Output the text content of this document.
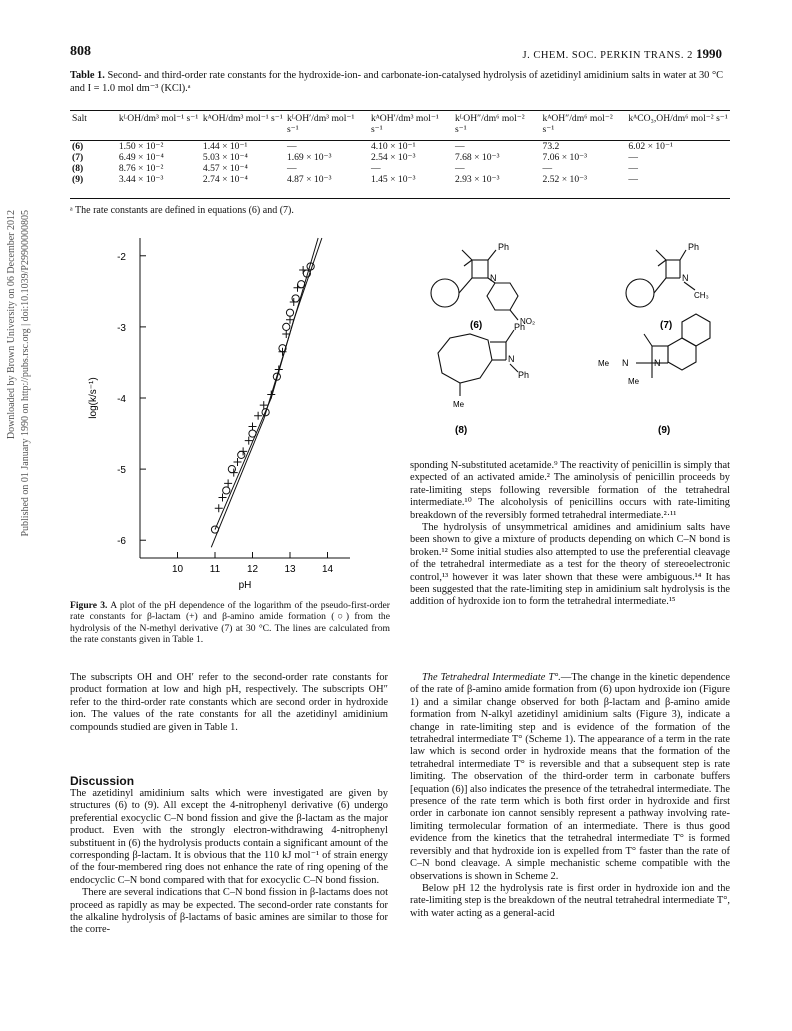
808	J. CHEM. SOC. PERKIN TRANS. 2 1990
Table 1. Second- and third-order rate constants for the hydroxide-ion- and carbonate-ion-catalysed hydrolysis of azetidinyl amidinium salts in water at 30 °C and I = 1.0 mol dm⁻³ (KCl).ᵃ
Salt	kᴸOH/dm³ mol⁻¹ s⁻¹	kᴬOH/dm³ mol⁻¹ s⁻¹	kᴸOH′/dm³ mol⁻¹ s⁻¹	kᴬOH′/dm³ mol⁻¹ s⁻¹	kᴸOH″/dm⁶ mol⁻² s⁻¹	kᴬOH″/dm⁶ mol⁻² s⁻¹	kᴬCO₃,OH/dm⁶ mol⁻² s⁻¹

(6)	1.50 × 10⁻²	1.44 × 10⁻¹	—	4.10 × 10⁻¹	—	73.2	6.02 × 10⁻¹
(7)	6.49 × 10⁻⁴	5.03 × 10⁻⁴	1.69 × 10⁻³	2.54 × 10⁻³	7.68 × 10⁻³	7.06 × 10⁻³	—
(8)	8.76 × 10⁻²	4.57 × 10⁻⁴	—	—	—	—	—
(9)	3.44 × 10⁻³	2.74 × 10⁻⁴	4.87 × 10⁻³	1.45 × 10⁻³	2.93 × 10⁻³	2.52 × 10⁻³	—
ᵃ The rate constants are defined in equations (6) and (7).
Downloaded by Brown University on 06 December 2012 Published on 01 January 1990 on http://pubs.rsc.org | doi:10.1039/P29900000805
10	11	12	13	14
-2
-3
-4
-5
-6
pH
log(k/s⁻¹)
Figure 3. A plot of the pH dependence of the logarithm of the pseudo-first-order rate constants for β-lactam (+) and β-amino amide formation (○) from the hydrolysis of the N-methyl derivative (7) at 30 °C. The lines are calculated from the rate constants given in Table 1.
Ph
N
NO₂
(6)
Ph
N
CH₃
(7)
Ph
N
Ph
Me
(8)
Me N	N
Me
(9)

The subscripts OH and OH′ refer to the second-order rate constants for product formation at low and high pH, respectively. The subscripts OH″ refer to the third-order rate constants which are second order in hydroxide ion. The values of the rate constants for all the azetidinyl amidinium compounds studied are given in Table 1.

Discussion

The azetidinyl amidinium salts which were investigated are given by structures (6) to (9). All except the 4-nitrophenyl derivative (6) undergo preferential exocyclic C–N bond fission and give the β-lactam as the major product. Even with the strongly electron-withdrawing 4-nitrophenyl substituent in (6) the hydrolysis products contain a significant amount of the corresponding β-lactam. It is obvious that the 110 kJ mol⁻¹ of strain energy of the four-membered ring does not enhance the rate of ring opening of the endocyclic C–N bond compared with that for exocyclic C–N bond fission.

There are several indications that C–N bond fission in β-lactams does not proceed as rapidly as may be expected. The second-order rate constants for the alkaline hydrolysis of β-lactams of basic amines are similar to those for the corre-

sponding N-substituted acetamide.⁹ The reactivity of penicillin is simply that expected of an activated amide.² The aminolysis of penicillin proceeds by rate-limiting steps following reversible formation of the tetrahedral intermediate.¹⁰ The alcoholysis of penicillins occurs with rate-limiting breakdown of the reversibly formed tetrahedral intermediate.²·¹¹

The hydrolysis of unsymmetrical amidines and amidinium salts have been shown to give a mixture of products depending on which C–N bond is broken.¹² Some initial studies also attempted to use the preferential cleavage of the tetrahedral intermediate as a test for the theory of stereoelectronic control,¹³ however it was later shown that these were ambiguous.¹⁴ It has been suggested that the rate-limiting step in amidinium salt hydrolysis is the addition of hydroxide ion to form the tetrahedral intermediate.¹⁵

The Tetrahedral Intermediate T°.—The change in the kinetic dependence of the rate of β-amino amide formation from (6) upon hydroxide ion (Figure 1) and a similar change observed for both β-lactam and β-amino amide formation from N-alkyl azetidinyl amidinium salts (Figure 3), indicate a change in rate-limiting step and is evidence of the formation of the tetrahedral intermediate T° (Scheme 1). The appearance of a term in the rate law which is second order in hydroxide means that the formation of the tetrahedral intermediate T° is reversible and that a subsequent step is rate limiting. The observation of the third-order term in carbonate buffers [equation (6)] also indicates the presence of the tetrahedral intermediate. The presence of the rate term which is both first order in hydroxide and first order in carbonate ion cannot sensibly represent a pathway involving rate-limiting termolecular formation of an intermediate. There is thus good evidence from the kinetics that the tetrahedral intermediate T° is formed reversibly and that hydroxide ion is expelled from T° faster than the rate of C–N bond cleavage. A simple mechanistic scheme compatible with the observations is shown in Scheme 2.

Below pH 12 the hydrolysis rate is first order in hydroxide ion and the rate-limiting step is the breakdown of the neutral tetrahedral intermediate T°, with water acting as a general-acid
